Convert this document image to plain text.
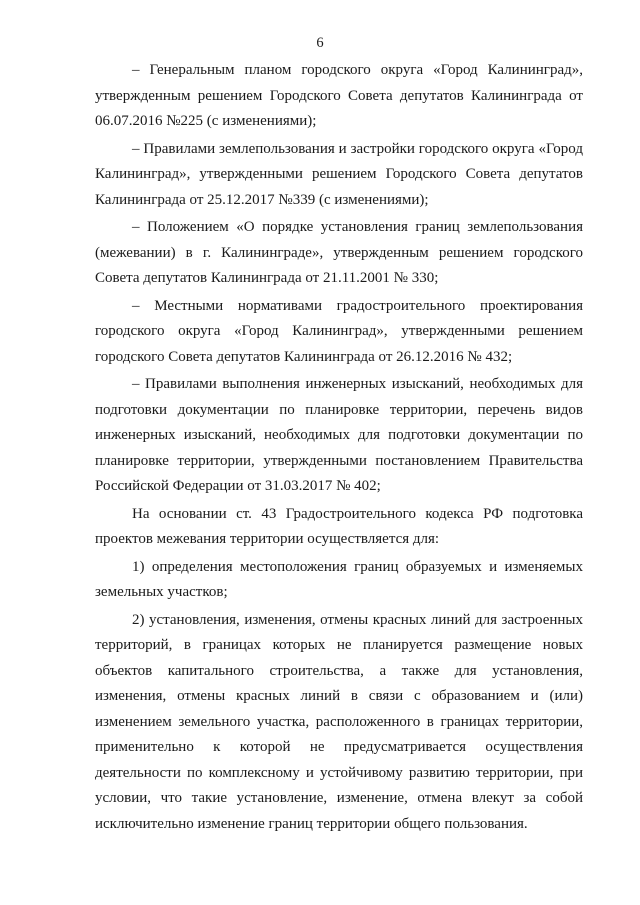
6

– Генеральным планом городского округа «Город Калининград», утвержденным решением Городского Совета депутатов Калининграда от 06.07.2016 №225 (с изменениями);

– Правилами землепользования и застройки городского округа «Город Калининград», утвержденными решением Городского Совета депутатов Калининграда от 25.12.2017 №339 (с изменениями);

– Положением «О порядке установления границ землепользования (межевании) в г. Калининграде», утвержденным решением городского Совета депутатов Калининграда от 21.11.2001 № 330;

– Местными нормативами градостроительного проектирования городского округа «Город Калининград», утвержденными решением городского Совета депутатов Калининграда от 26.12.2016 № 432;

– Правилами выполнения инженерных изысканий, необходимых для подготовки документации по планировке территории, перечень видов инженерных изысканий, необходимых для подготовки документации по планировке территории, утвержденными постановлением Правительства Российской Федерации от 31.03.2017 № 402;

На основании ст. 43 Градостроительного кодекса РФ подготовка проектов межевания территории осуществляется для:

1) определения местоположения границ образуемых и изменяемых земельных участков;

2) установления, изменения, отмены красных линий для застроенных территорий, в границах которых не планируется размещение новых объектов капитального строительства, а также для установления, изменения, отмены красных линий в связи с образованием и (или) изменением земельного участка, расположенного в границах территории, применительно к которой не предусматривается осуществления деятельности по комплексному и устойчивому развитию территории, при условии, что такие установление, изменение, отмена влекут за собой исключительно изменение границ территории общего пользования.
